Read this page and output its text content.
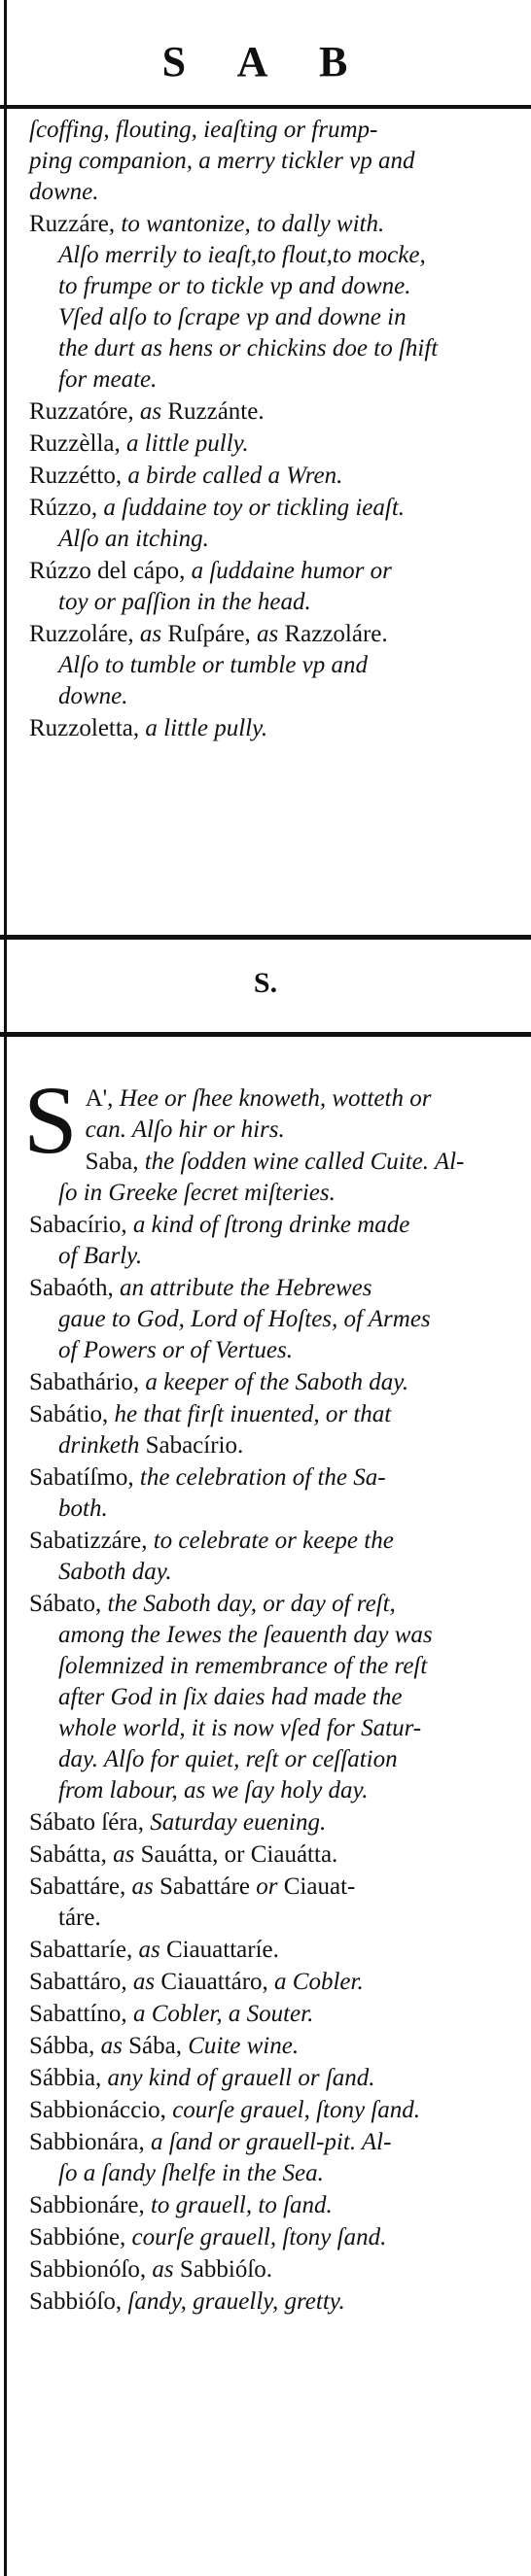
S A B
ſcoffing, flouting, ieaſting or frump-
ping companion, a merry tickler vp and
downe.
Ruzzáre, to wantonize, to dally with.
Alſo merrily to ieaſt,to flout,to mocke,
to frumpe or to tickle vp and downe.
Vſed alſo to ſcrape vp and downe in
the durt as hens or chickins doe to ſhift
for meate.
Ruzzatóre, as Ruzzánte.
Ruzzèlla, a little pully.
Ruzzétto, a birde called a Wren.
Rúzzo, a ſuddaine toy or tickling ieaſt.
Alſo an itching.
Rúzzo del cápo, a ſuddaine humor or
toy or paſſion in the head.
Ruzzoláre, as Ruſpáre, as Razzoláre.
Alſo to tumble or tumble vp and
downe.
Ruzzoletta, a little pully.
S.
S A', Hee or ſhee knoweth, wotteth or
can. Alſo hir or hirs.
Saba, the ſodden wine called Cuite. Al-
ſo in Greeke ſecret miſteries.
Sabacírio, a kind of ſtrong drinke made
of Barly.
Sabaóth, an attribute the Hebrewes
gaue to God, Lord of Hoſtes, of Armes
of Powers or of Vertues.
Sabathário, a keeper of the Saboth day.
Sabátio, he that firſt inuented, or that
drinketh Sabacírio.
Sabatíſmo, the celebration of the Sa-
both.
Sabatizzáre, to celebrate or keepe the
Saboth day.
Sábato, the Saboth day, or day of reſt,
among the Iewes the ſeauenth day was
ſolemnized in remembrance of the reſt
after God in ſix daies had made the
whole world, it is now vſed for Satur-
day. Alſo for quiet, reſt or ceſſation
from labour, as we ſay holy day.
Sábato ſéra, Saturday euening.
Sabátta, as Sauátta, or Ciauátta.
Sabattáre, as Sabattáre or Ciauat-
táre.
Sabattaríe, as Ciauattaríe.
Sabattáro, as Ciauattáro, a Cobler.
Sabattíno, a Cobler, a Souter.
Sábba, as Sába, Cuite wine.
Sábbia, any kind of grauell or ſand.
Sabbionáccio, courſe grauel, ſtony ſand.
Sabbionára, a ſand or grauell-pit. Al-
ſo a ſandy ſhelfe in the Sea.
Sabbionáre, to grauell, to ſand.
Sabbióne, courſe grauell, ſtony ſand.
Sabbionóſo, as Sabbióſo.
Sabbióſo, ſandy, grauelly, gretty.
